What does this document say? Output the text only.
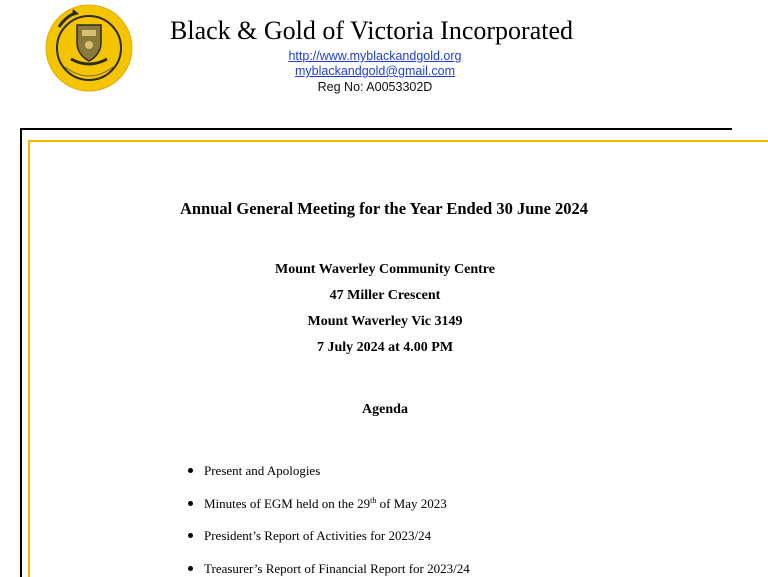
Black & Gold of Victoria Incorporated
http://www.myblackandgold.org
myblackandgold@gmail.com
Reg No: A0053302D
Annual General Meeting for the Year Ended 30 June 2024
Mount Waverley Community Centre
47 Miller Crescent
Mount Waverley Vic 3149
7 July 2024 at 4.00 PM
Agenda
Present and Apologies
Minutes of EGM held on the 29th of May 2023
President’s Report of Activities for 2023/24
Treasurer’s Report of Financial Report for 2023/24
